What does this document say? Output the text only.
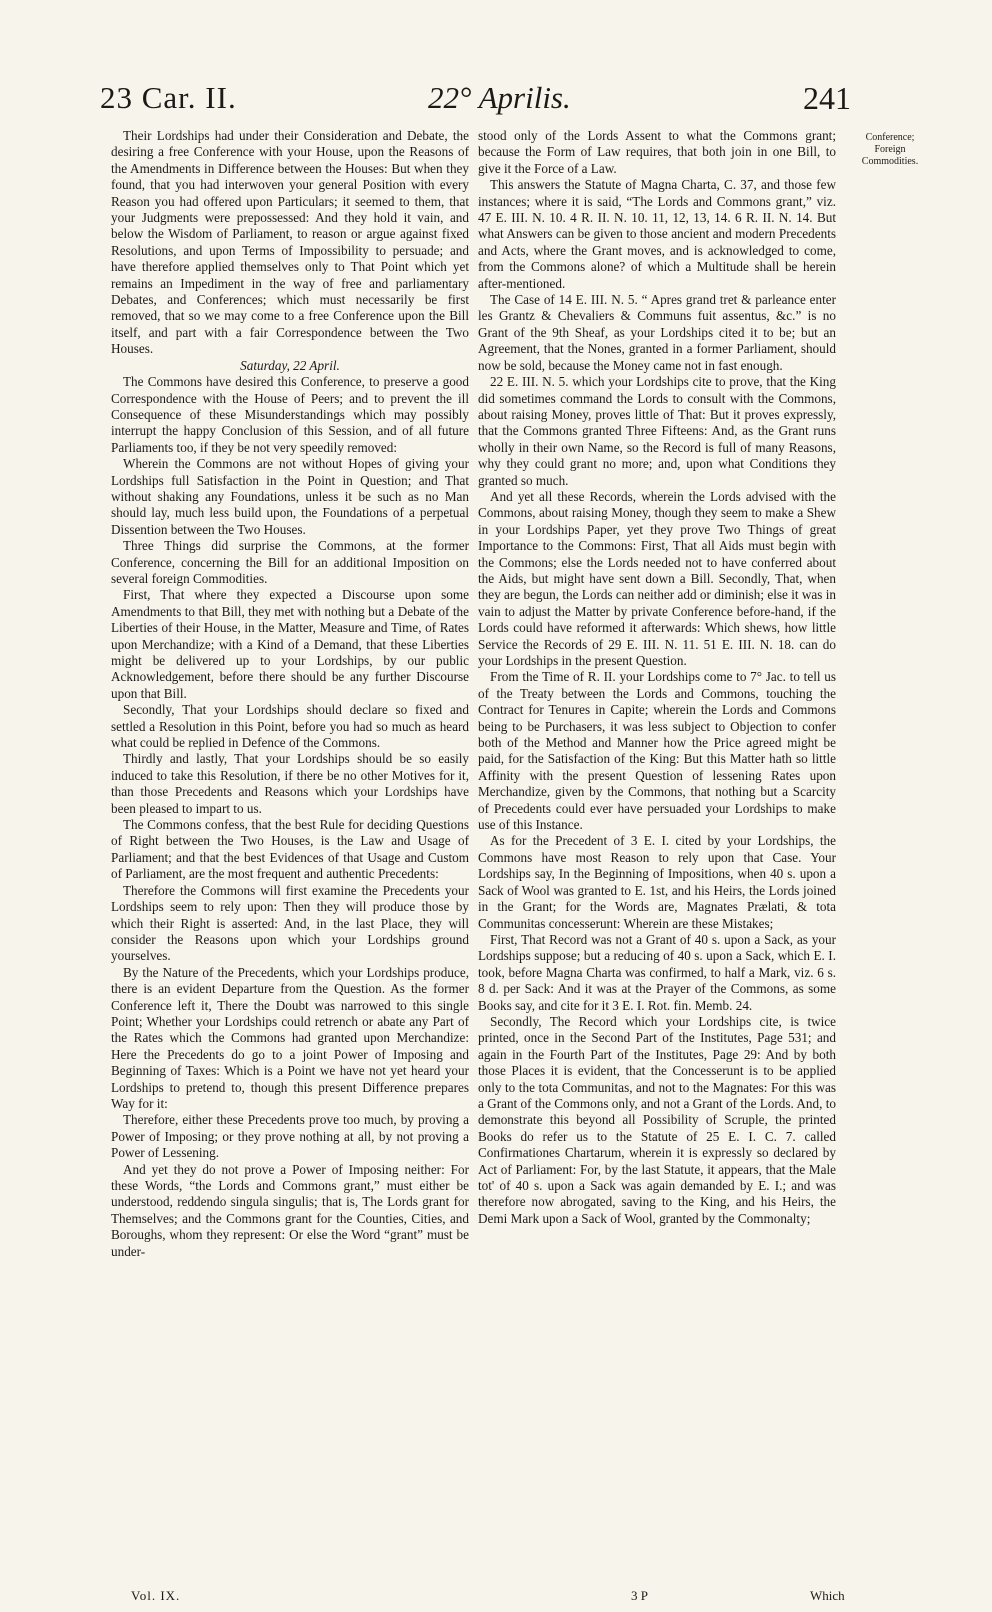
23 Car. II.	22° Aprilis.	241

Their Lordships had under their Consideration and Debate, the desiring a free Conference with your House, upon the Reasons of the Amendments in Difference between the Houses: But when they found, that you had interwoven your general Position with every Reason you had offered upon Particulars; it seemed to them, that your Judgments were prepossessed: And they hold it vain, and below the Wisdom of Parliament, to reason or argue against fixed Resolutions, and upon Terms of Impossibility to persuade; and have therefore applied themselves only to That Point which yet remains an Impediment in the way of free and parliamentary Debates, and Conferences; which must necessarily be first removed, that so we may come to a free Conference upon the Bill itself, and part with a fair Correspondence between the Two Houses.

Saturday, 22 April.

The Commons have desired this Conference, to preserve a good Correspondence with the House of Peers; and to prevent the ill Consequence of these Misunderstandings which may possibly interrupt the happy Conclusion of this Session, and of all future Parliaments too, if they be not very speedily removed:

Wherein the Commons are not without Hopes of giving your Lordships full Satisfaction in the Point in Question; and That without shaking any Foundations, unless it be such as no Man should lay, much less build upon, the Foundations of a perpetual Dissention between the Two Houses.

Three Things did surprise the Commons, at the former Conference, concerning the Bill for an additional Imposition on several foreign Commodities.

First, That where they expected a Discourse upon some Amendments to that Bill, they met with nothing but a Debate of the Liberties of their House, in the Matter, Measure and Time, of Rates upon Merchandize; with a Kind of a Demand, that these Liberties might be delivered up to your Lordships, by our public Acknowledgement, before there should be any further Discourse upon that Bill.

Secondly, That your Lordships should declare so fixed and settled a Resolution in this Point, before you had so much as heard what could be replied in Defence of the Commons.

Thirdly and lastly, That your Lordships should be so easily induced to take this Resolution, if there be no other Motives for it, than those Precedents and Reasons which your Lordships have been pleased to impart to us.

The Commons confess, that the best Rule for deciding Questions of Right between the Two Houses, is the Law and Usage of Parliament; and that the best Evidences of that Usage and Custom of Parliament, are the most frequent and authentic Precedents:

Therefore the Commons will first examine the Precedents your Lordships seem to rely upon: Then they will produce those by which their Right is asserted: And, in the last Place, they will consider the Reasons upon which your Lordships ground yourselves.

By the Nature of the Precedents, which your Lordships produce, there is an evident Departure from the Question. As the former Conference left it, There the Doubt was narrowed to this single Point; Whether your Lordships could retrench or abate any Part of the Rates which the Commons had granted upon Merchandize: Here the Precedents do go to a joint Power of Imposing and Beginning of Taxes: Which is a Point we have not yet heard your Lordships to pretend to, though this present Difference prepares Way for it:

Therefore, either these Precedents prove too much, by proving a Power of Imposing; or they prove nothing at all, by not proving a Power of Lessening.

And yet they do not prove a Power of Imposing neither: For these Words, “the Lords and Commons grant,” must either be understood, reddendo singula singulis; that is, The Lords grant for Themselves; and the Commons grant for the Counties, Cities, and Boroughs, whom they represent: Or else the Word “grant” must be under-

stood only of the Lords Assent to what the Commons grant; because the Form of Law requires, that both join in one Bill, to give it the Force of a Law.

This answers the Statute of Magna Charta, C. 37, and those few instances; where it is said, “The Lords and Commons grant,” viz. 47 E. III. N. 10. 4 R. II. N. 10. 11, 12, 13, 14. 6 R. II. N. 14. But what Answers can be given to those ancient and modern Precedents and Acts, where the Grant moves, and is acknowledged to come, from the Commons alone? of which a Multitude shall be herein after-mentioned.

The Case of 14 E. III. N. 5. “ Apres grand tret & parleance enter les Grantz & Chevaliers & Communs fuit assentus, &c.” is no Grant of the 9th Sheaf, as your Lordships cited it to be; but an Agreement, that the Nones, granted in a former Parliament, should now be sold, because the Money came not in fast enough.

22 E. III. N. 5. which your Lordships cite to prove, that the King did sometimes command the Lords to consult with the Commons, about raising Money, proves little of That: But it proves expressly, that the Commons granted Three Fifteens: And, as the Grant runs wholly in their own Name, so the Record is full of many Reasons, why they could grant no more; and, upon what Conditions they granted so much.

And yet all these Records, wherein the Lords advised with the Commons, about raising Money, though they seem to make a Shew in your Lordships Paper, yet they prove Two Things of great Importance to the Commons: First, That all Aids must begin with the Commons; else the Lords needed not to have conferred about the Aids, but might have sent down a Bill. Secondly, That, when they are begun, the Lords can neither add or diminish; else it was in vain to adjust the Matter by private Conference before-hand, if the Lords could have reformed it afterwards: Which shews, how little Service the Records of 29 E. III. N. 11. 51 E. III. N. 18. can do your Lordships in the present Question.

From the Time of R. II. your Lordships come to 7° Jac. to tell us of the Treaty between the Lords and Commons, touching the Contract for Tenures in Capite; wherein the Lords and Commons being to be Purchasers, it was less subject to Objection to confer both of the Method and Manner how the Price agreed might be paid, for the Satisfaction of the King: But this Matter hath so little Affinity with the present Question of lessening Rates upon Merchandize, given by the Commons, that nothing but a Scarcity of Precedents could ever have persuaded your Lordships to make use of this Instance.

As for the Precedent of 3 E. I. cited by your Lordships, the Commons have most Reason to rely upon that Case. Your Lordships say, In the Beginning of Impositions, when 40 s. upon a Sack of Wool was granted to E. 1st, and his Heirs, the Lords joined in the Grant; for the Words are, Magnates Prælati, & tota Communitas concesserunt: Wherein are these Mistakes;

First, That Record was not a Grant of 40 s. upon a Sack, as your Lordships suppose; but a reducing of 40 s. upon a Sack, which E. I. took, before Magna Charta was confirmed, to half a Mark, viz. 6 s. 8 d. per Sack: And it was at the Prayer of the Commons, as some Books say, and cite for it 3 E. I. Rot. fin. Memb. 24.

Secondly, The Record which your Lordships cite, is twice printed, once in the Second Part of the Institutes, Page 531; and again in the Fourth Part of the Institutes, Page 29: And by both those Places it is evident, that the Concesserunt is to be applied only to the tota Communitas, and not to the Magnates: For this was a Grant of the Commons only, and not a Grant of the Lords. And, to demonstrate this beyond all Possibility of Scruple, the printed Books do refer us to the Statute of 25 E. I. C. 7. called Confirmationes Chartarum, wherein it is expressly so declared by Act of Parliament: For, by the last Statute, it appears, that the Male tot' of 40 s. upon a Sack was again demanded by E. I.; and was therefore now abrogated, saving to the King, and his Heirs, the Demi Mark upon a Sack of Wool, granted by the Commonalty;

Conference; Foreign Commodities.
Vol. IX.	3 P	Which
